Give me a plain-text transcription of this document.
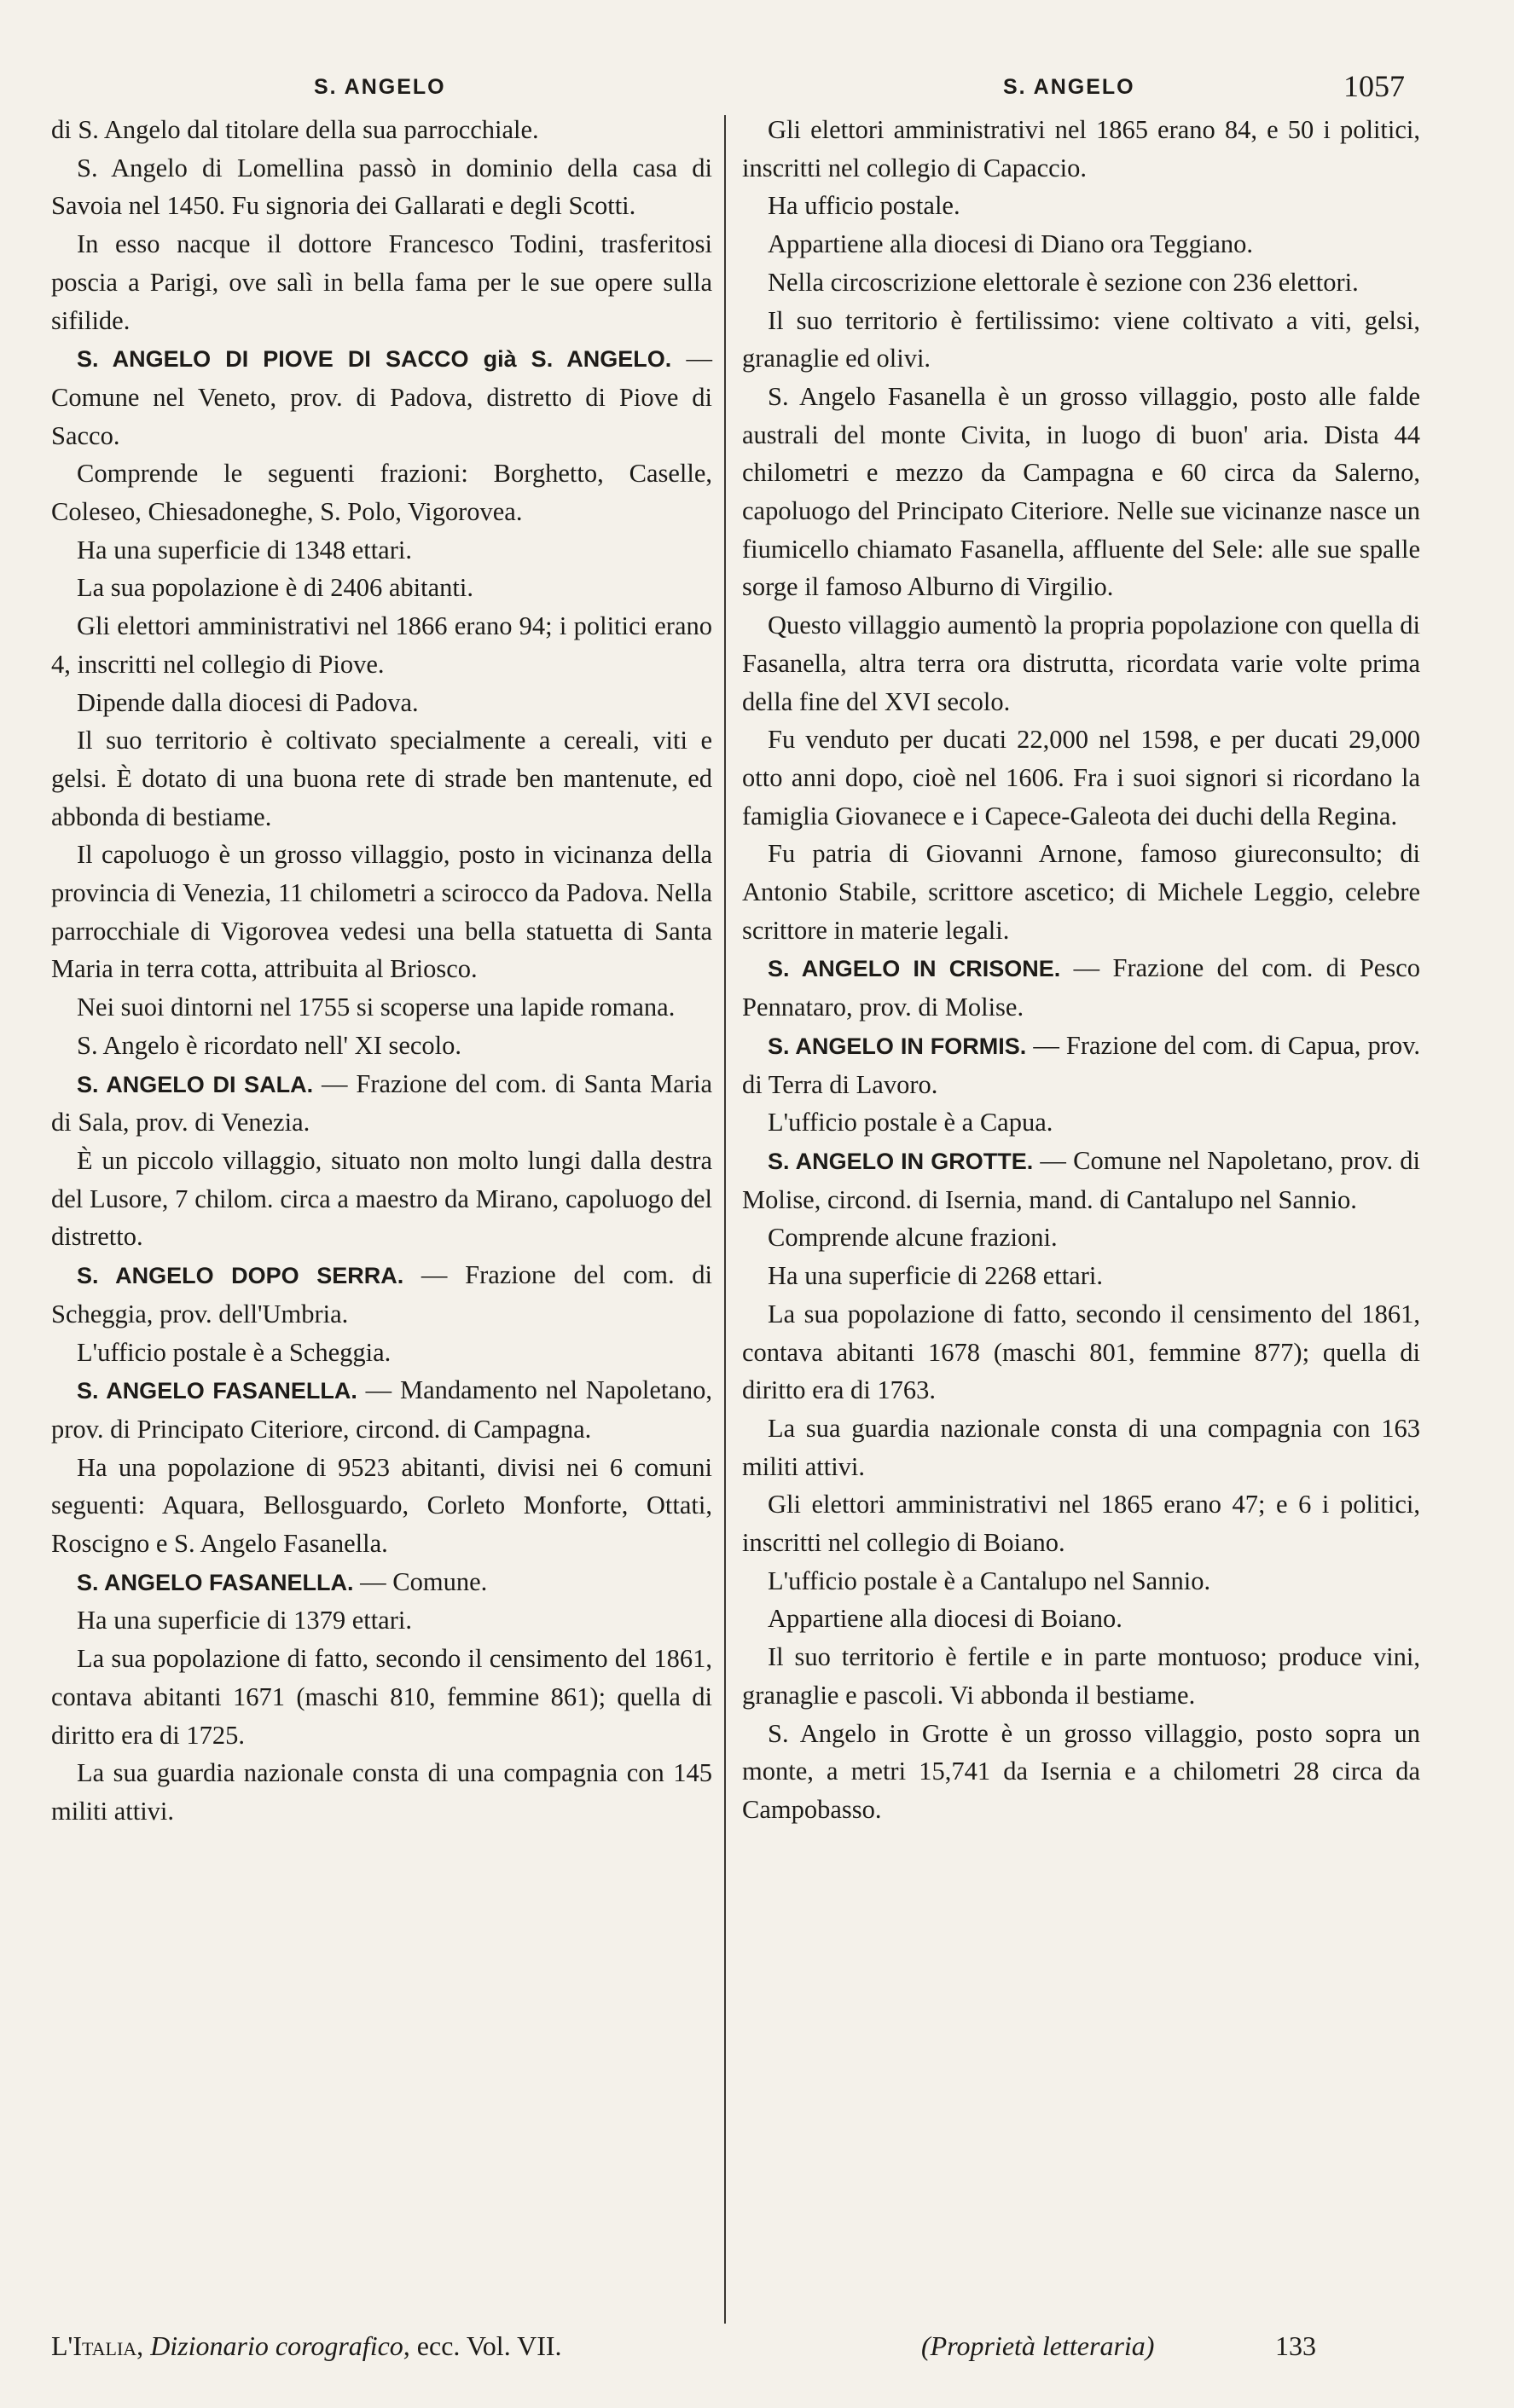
S. ANGELO	S. ANGELO	1057

di S. Angelo dal titolare della sua parrocchiale.

S. Angelo di Lomellina passò in dominio della casa di Savoia nel 1450. Fu signoria dei Gallarati e degli Scotti.

In esso nacque il dottore Francesco Todini, trasferitosi poscia a Parigi, ove salì in bella fama per le sue opere sulla sifilide.

S. ANGELO DI PIOVE DI SACCO già S. ANGELO. — Comune nel Veneto, prov. di Padova, distretto di Piove di Sacco.

Comprende le seguenti frazioni: Borghetto, Caselle, Coleseo, Chiesadoneghe, S. Polo, Vigorovea.

Ha una superficie di 1348 ettari.

La sua popolazione è di 2406 abitanti.

Gli elettori amministrativi nel 1866 erano 94; i politici erano 4, inscritti nel collegio di Piove.

Dipende dalla diocesi di Padova.

Il suo territorio è coltivato specialmente a cereali, viti e gelsi. È dotato di una buona rete di strade ben mantenute, ed abbonda di bestiame.

Il capoluogo è un grosso villaggio, posto in vicinanza della provincia di Venezia, 11 chilometri a scirocco da Padova. Nella parrocchiale di Vigorovea vedesi una bella statuetta di Santa Maria in terra cotta, attribuita al Briosco.

Nei suoi dintorni nel 1755 si scoperse una lapide romana.

S. Angelo è ricordato nell' XI secolo.

S. ANGELO DI SALA. — Frazione del com. di Santa Maria di Sala, prov. di Venezia.

È un piccolo villaggio, situato non molto lungi dalla destra del Lusore, 7 chilom. circa a maestro da Mirano, capoluogo del distretto.

S. ANGELO DOPO SERRA. — Frazione del com. di Scheggia, prov. dell'Umbria.

L'ufficio postale è a Scheggia.

S. ANGELO FASANELLA. — Mandamento nel Napoletano, prov. di Principato Citeriore, circond. di Campagna.

Ha una popolazione di 9523 abitanti, divisi nei 6 comuni seguenti: Aquara, Bellosguardo, Corleto Monforte, Ottati, Roscigno e S. Angelo Fasanella.

S. ANGELO FASANELLA. — Comune.

Ha una superficie di 1379 ettari.

La sua popolazione di fatto, secondo il censimento del 1861, contava abitanti 1671 (maschi 810, femmine 861); quella di diritto era di 1725.

La sua guardia nazionale consta di una compagnia con 145 militi attivi.

Gli elettori amministrativi nel 1865 erano 84, e 50 i politici, inscritti nel collegio di Capaccio.

Ha ufficio postale.

Appartiene alla diocesi di Diano ora Teggiano.

Nella circoscrizione elettorale è sezione con 236 elettori.

Il suo territorio è fertilissimo: viene coltivato a viti, gelsi, granaglie ed olivi.

S. Angelo Fasanella è un grosso villaggio, posto alle falde australi del monte Civita, in luogo di buon' aria. Dista 44 chilometri e mezzo da Campagna e 60 circa da Salerno, capoluogo del Principato Citeriore. Nelle sue vicinanze nasce un fiumicello chiamato Fasanella, affluente del Sele: alle sue spalle sorge il famoso Alburno di Virgilio.

Questo villaggio aumentò la propria popolazione con quella di Fasanella, altra terra ora distrutta, ricordata varie volte prima della fine del XVI secolo.

Fu venduto per ducati 22,000 nel 1598, e per ducati 29,000 otto anni dopo, cioè nel 1606. Fra i suoi signori si ricordano la famiglia Giovanece e i Capece-Galeota dei duchi della Regina.

Fu patria di Giovanni Arnone, famoso giureconsulto; di Antonio Stabile, scrittore ascetico; di Michele Leggio, celebre scrittore in materie legali.

S. ANGELO IN CRISONE. — Frazione del com. di Pesco Pennataro, prov. di Molise.

S. ANGELO IN FORMIS. — Frazione del com. di Capua, prov. di Terra di Lavoro.

L'ufficio postale è a Capua.

S. ANGELO IN GROTTE. — Comune nel Napoletano, prov. di Molise, circond. di Isernia, mand. di Cantalupo nel Sannio.

Comprende alcune frazioni.

Ha una superficie di 2268 ettari.

La sua popolazione di fatto, secondo il censimento del 1861, contava abitanti 1678 (maschi 801, femmine 877); quella di diritto era di 1763.

La sua guardia nazionale consta di una compagnia con 163 militi attivi.

Gli elettori amministrativi nel 1865 erano 47; e 6 i politici, inscritti nel collegio di Boiano.

L'ufficio postale è a Cantalupo nel Sannio.

Appartiene alla diocesi di Boiano.

Il suo territorio è fertile e in parte montuoso; produce vini, granaglie e pascoli. Vi abbonda il bestiame.

S. Angelo in Grotte è un grosso villaggio, posto sopra un monte, a metri 15,741 da Isernia e a chilometri 28 circa da Campobasso.

L'Italia, Dizionario corografico, ecc. Vol. VII.	(Proprietà letteraria)	133
